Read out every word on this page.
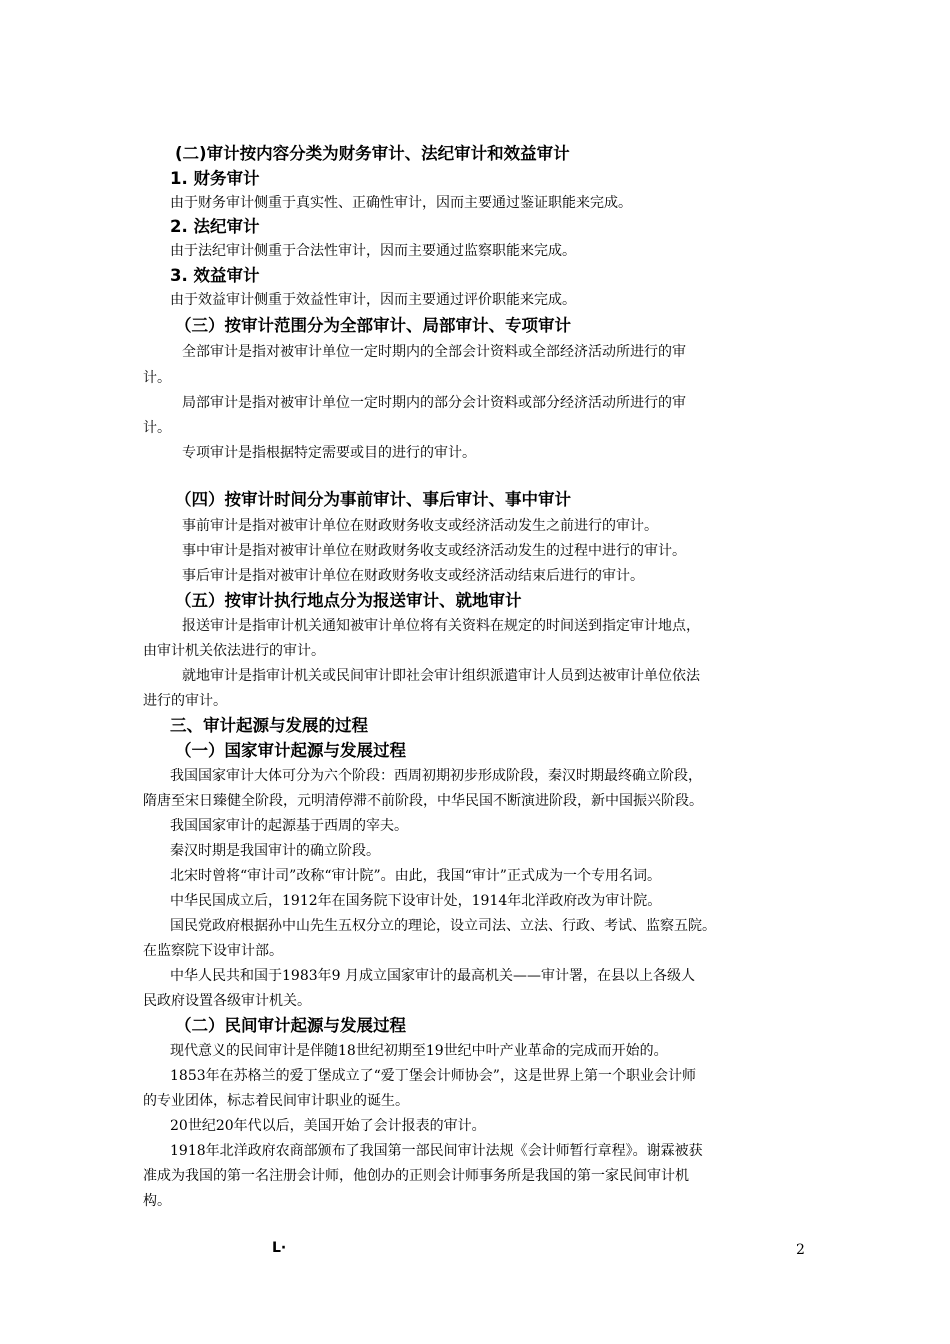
(二)审计按内容分类为财务审计、法纪审计和效益审计
1. 财务审计
由于财务审计侧重于真实性、正确性审计，因而主要通过鉴证职能来完成。
2. 法纪审计
由于法纪审计侧重于合法性审计，因而主要通过监察职能来完成。
3. 效益审计
由于效益审计侧重于效益性审计，因而主要通过评价职能来完成。
（三）按审计范围分为全部审计、局部审计、专项审计
全部审计是指对被审计单位一定时期内的全部会计资料或全部经济活动所进行的审
计。
局部审计是指对被审计单位一定时期内的部分会计资料或部分经济活动所进行的审
计。
专项审计是指根据特定需要或目的进行的审计。
（四）按审计时间分为事前审计、事后审计、事中审计
事前审计是指对被审计单位在财政财务收支或经济活动发生之前进行的审计。
事中审计是指对被审计单位在财政财务收支或经济活动发生的过程中进行的审计。
事后审计是指对被审计单位在财政财务收支或经济活动结束后进行的审计。
（五）按审计执行地点分为报送审计、就地审计
报送审计是指审计机关通知被审计单位将有关资料在规定的时间送到指定审计地点，
由审计机关依法进行的审计。
就地审计是指审计机关或民间审计即社会审计组织派遣审计人员到达被审计单位依法
进行的审计。
三、审计起源与发展的过程
（一）国家审计起源与发展过程
我国国家审计大体可分为六个阶段：西周初期初步形成阶段，秦汉时期最终确立阶段，
隋唐至宋日臻健全阶段，元明清停滞不前阶段，中华民国不断演进阶段，新中国振兴阶段。
我国国家审计的起源基于西周的宰夫。
秦汉时期是我国审计的确立阶段。
北宋时曾将“审计司”改称“审计院”。由此，我国“审计”正式成为一个专用名词。
中华民国成立后，1912年在国务院下设审计处，1914年北洋政府改为审计院。
国民党政府根据孙中山先生五权分立的理论，设立司法、立法、行政、考试、监察五院。
在监察院下设审计部。
中华人民共和国于1983年9 月成立国家审计的最高机关——审计署，在县以上各级人
民政府设置各级审计机关。
（二）民间审计起源与发展过程
现代意义的民间审计是伴随18世纪初期至19世纪中叶产业革命的完成而开始的。
1853年在苏格兰的爱丁堡成立了“爱丁堡会计师协会”，这是世界上第一个职业会计师
的专业团体，标志着民间审计职业的诞生。
20世纪20年代以后，美国开始了会计报表的审计。
1918年北洋政府农商部颁布了我国第一部民间审计法规《会计师暂行章程》。谢霖被获
准成为我国的第一名注册会计师，他创办的正则会计师事务所是我国的第一家民间审计机
构。
L·	2
